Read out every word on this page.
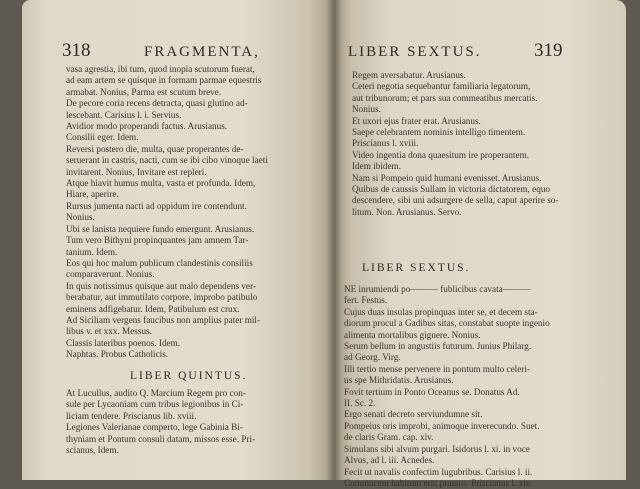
318	FRAGMENTA,
vasa agrestia, ibi tum, quod inopia scutorum fuerat,
ad eam artem se quisque in formam parmae equestris
armabat. Nonius, Parma est scutum breve.
De pecore coria recens detracta, quasi glutino ad-
lescebant. Carisius l. i. Servius.
Avidior modo properandi factus. Arusianus.
Consilii eger. Idem.
Reversi postero die, multa, quae properantes de-
seruerant in castris, nacti, cum se ibi cibo vinoque laeti
invitarent. Nonius, Invitare est repleri.
Atque hiavit humus multa, vasta et profunda. Idem,
Hiare, aperire.
Rursus jumenta nacti ad oppidum ire contendunt.
Nonius.
Ubi se lanista nequiere fundo emergunt. Arusianus.
Tum vero Bithyni propinquantes jam amnem Tar-
tanium. Idem.
Eos qui hoc malum publicum clandestinis consiliis
comparaverunt. Nonius.
In quis notissimus quisque aut malo dependens ver-
berabatur, aut immutilato corpore, improbo patibulo
eminens adfigebatur. Idem, Patibulum est crux.
Ad Siciliam vergens faucibus non amplius pater mil-
libus v. et xxx. Messus.
Classis lateribus poenos. Idem.
Naphtas. Probus Catholicis.
LIBER QUINTUS.
At Lucullus, audito Q. Marcium Regem pro con-
sule per Lycaoniam cum tribus legionibus in Ci-
liciam tendere. Priscianus lib. xviii.
Legiones Valerianae comperto, lege Gabinia Bi-
thyniam et Pontum consuli datam, missos esse. Pri-
scianus, Idem.
LIBER SEXTUS.	319
Regem aversabatur. Arusianus.
Ceteri negotia sequebantur familiaria legatorum,
aut tribunorum; et pars sua commeatibus mercatis.
Nonius.
Et uxori ejus frater erat. Arusianus.
Saepe celebrantem nominis intelligo timentem.
Priscianus l. xviii.
Video ingentia dona quaesitum ire properantem.
Idem ibidem.
Nam si Pompeio quid humani evenisset. Arusianus.
Quibus de caussis Sullam in victoria dictatorem, equo
descendere, sibi uni adsurgere de sella, caput aperire so-
litum. Non. Arusianus. Servo.
LIBER SEXTUS.
NE inrumiendi po——— fublicibus cavata———
fert. Festus.
Cujus duas insulas propinquas inter se, et decem sta-
diorum procul a Gadibus sitas, constabat suopte ingenio
alimenta mortalibus gignere. Nonius.
Serum bellum in angustiis futurum. Junius Philarg.
ad Georg. Virg.
Illi tertio mense pervenere in pontum multo celeri-
us spe Mithridatis. Arusianus.
Fovit tertium in Ponto Oceanus se. Donatus Ad.
II. Sc. 2.
Ergo senati decreto serviundumne sit.
Pompeius oris improbi, animoque inverecundo. Suet.
de claris Gram. cap. xiv.
Simulans sibi alvum purgari. Isidorus l. xi. in voce
Alvus, ad l. iii. Acnedes.
Fecit ut navalis confectim lugubribus. Carisius l. ii.
Commucem habitum erat prassus. Priscianus l. xiv.
